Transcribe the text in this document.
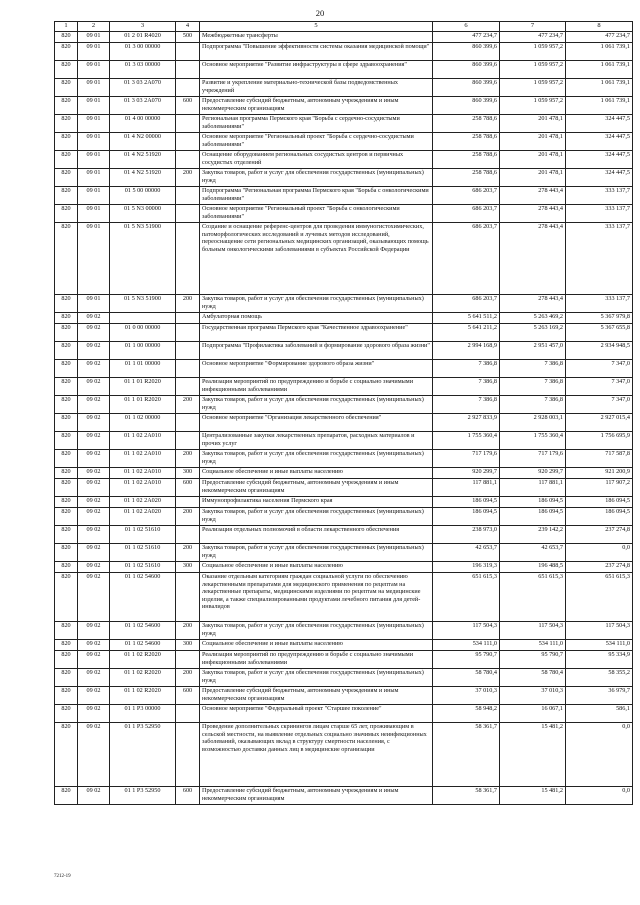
20
1	2	3	4	5	6	7	8
820	09 01	01 2 01 R4020	500	Межбюджетные трансферты	477 234,7	477 234,7	477 234,7
820	09 01	01 3 00 00000		Подпрограмма "Повышение эффективности системы оказания медицинской помощи"	860 399,6	1 059 957,2	1 061 739,1
820	09 01	01 3 03 00000		Основное мероприятие "Развитие инфраструктуры в сфере здравоохранения"	860 399,6	1 059 957,2	1 061 739,1
820	09 01	01 3 03 2А070		Развитие и укрепление материально-технической базы подведомственных учреждений	860 399,6	1 059 957,2	1 061 739,1
820	09 01	01 3 03 2А070	600	Предоставление субсидий бюджетным, автономным учреждениям и иным некоммерческим организациям	860 399,6	1 059 957,2	1 061 739,1
820	09 01	01 4 00 00000		Региональная программа Пермского края "Борьба с сердечно-сосудистыми заболеваниями"	258 788,6	201 478,1	324 447,5
820	09 01	01 4 N2 00000		Основное мероприятие "Региональный проект "Борьба с сердечно-сосудистыми заболеваниями"	258 788,6	201 478,1	324 447,5
820	09 01	01 4 N2 51920		Оснащение оборудованием региональных сосудистых центров и первичных сосудистых отделений	258 788,6	201 478,1	324 447,5
820	09 01	01 4 N2 51920	200	Закупка товаров, работ и услуг для обеспечения государственных (муниципальных) нужд	258 788,6	201 478,1	324 447,5
820	09 01	01 5 00 00000		Подпрограмма "Региональная программа Пермского края "Борьба с онкологическими заболеваниями"	686 203,7	278 443,4	333 137,7
820	09 01	01 5 N3 00000		Основное мероприятие "Региональный проект "Борьба с онкологическими заболеваниями"	686 203,7	278 443,4	333 137,7
820	09 01	01 5 N3 51900		Создание и оснащение референс-центров для проведения иммуногистохимических, патоморфологических исследований и лучевых методов исследований, переоснащение сети региональных медицинских организаций, оказывающих помощь больным онкологическими заболеваниями в субъектах Российской Федерации	686 203,7	278 443,4	333 137,7
820	09 01	01 5 N3 51900	200	Закупка товаров, работ и услуг для обеспечения государственных (муниципальных) нужд	686 203,7	278 443,4	333 137,7
820	09 02			Амбулаторная помощь	5 641 511,2	5 263 469,2	5 367 979,8
820	09 02	01 0 00 00000		Государственная программа Пермского края "Качественное здравоохранение"	5 641 211,2	5 263 169,2	5 367 655,8
820	09 02	01 1 00 00000		Подпрограмма "Профилактика заболеваний и формирование здорового образа жизни"	2 994 168,9	2 951 457,0	2 934 948,5
820	09 02	01 1 01 00000		Основное мероприятие "Формирование здорового образа жизни"	7 386,8	7 386,8	7 347,0
820	09 02	01 1 01 R2020		Реализация мероприятий по предупреждению и борьбе с социально значимыми инфекционными заболеваниями	7 386,8	7 386,8	7 347,0
820	09 02	01 1 01 R2020	200	Закупка товаров, работ и услуг для обеспечения государственных (муниципальных) нужд	7 386,8	7 386,8	7 347,0
820	09 02	01 1 02 00000		Основное мероприятие "Организация лекарственного обеспечения"	2 927 833,9	2 928 003,1	2 927 015,4
820	09 02	01 1 02 2А010		Централизованные закупки лекарственных препаратов, расходных материалов и прочих услуг	1 755 360,4	1 755 360,4	1 756 695,9
820	09 02	01 1 02 2А010	200	Закупка товаров, работ и услуг для обеспечения государственных (муниципальных) нужд	717 179,6	717 179,6	717 587,8
820	09 02	01 1 02 2А010	300	Социальное обеспечение и иные выплаты населению	920 299,7	920 299,7	921 200,9
820	09 02	01 1 02 2А010	600	Предоставление субсидий бюджетным, автономным учреждениям и иным некоммерческим организациям	117 881,1	117 881,1	117 907,2
820	09 02	01 1 02 2А020		Иммунопрофилактика населения Пермского края	186 094,5	186 094,5	186 094,5
820	09 02	01 1 02 2А020	200	Закупка товаров, работ и услуг для обеспечения государственных (муниципальных) нужд	186 094,5	186 094,5	186 094,5
820	09 02	01 1 02 51610		Реализация отдельных полномочий в области лекарственного обеспечения	238 973,0	239 142,2	237 274,8
820	09 02	01 1 02 51610	200	Закупка товаров, работ и услуг для обеспечения государственных (муниципальных) нужд	42 653,7	42 653,7	0,0
820	09 02	01 1 02 51610	300	Социальное обеспечение и иные выплаты населению	196 319,3	196 488,5	237 274,8
820	09 02	01 1 02 54600		Оказание отдельным категориям граждан социальной услуги по обеспечению лекарственными препаратами для медицинского применения по рецептам на лекарственные препараты, медицинскими изделиями по рецептам на медицинские изделия, а также специализированными продуктами лечебного питания для детей-инвалидов	651 615,3	651 615,3	651 615,3
820	09 02	01 1 02 54600	200	Закупка товаров, работ и услуг для обеспечения государственных (муниципальных) нужд	117 504,3	117 504,3	117 504,3
820	09 02	01 1 02 54600	300	Социальное обеспечение и иные выплаты населению	534 111,0	534 111,0	534 111,0
820	09 02	01 1 02 R2020		Реализация мероприятий по предупреждению и борьбе с социально значимыми инфекционными заболеваниями	95 790,7	95 790,7	95 334,9
820	09 02	01 1 02 R2020	200	Закупка товаров, работ и услуг для обеспечения государственных (муниципальных) нужд	58 780,4	58 780,4	58 355,2
820	09 02	01 1 02 R2020	600	Предоставление субсидий бюджетным, автономным учреждениям и иным некоммерческим организациям	37 010,3	37 010,3	36 979,7
820	09 02	01 1 P3 00000		Основное мероприятие "Федеральный проект "Старшее поколение"	58 948,2	16 067,1	586,1
820	09 02	01 1 P3 52950		Проведение дополнительных скринингов лицам старше 65 лет, проживающим в сельской местности, на выявление отдельных социально значимых неинфекционных заболеваний, оказывающих вклад в структуру смертности населения, с возможностью доставки данных лиц в медицинские организации	58 361,7	15 481,2	0,0
820	09 02	01 1 P3 52950	600	Предоставление субсидий бюджетным, автономным учреждениям и иным некоммерческим организациям	58 361,7	15 481,2	0,0
7212-19
